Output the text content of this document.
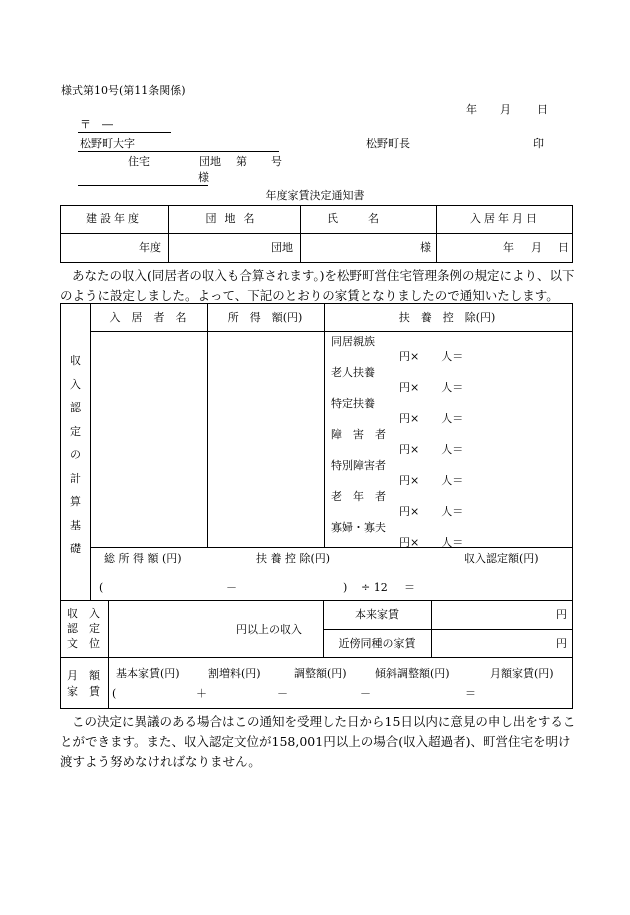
様式第10号(第11条関係)
年 月 日
〒　―
松野町大字
住宅	団地 第 号
様
松野町長	印
年度家賃決定通知書
建設年度	団地名	氏名	入居年月日
年度	団地	様	年 月 日
あなたの収入(同居者の収入も合算されます。)を松野町営住宅管理条例の規定により、以下のように設定しました。よって、下記のとおりの家賃となりましたので通知いたします。
収
入
認
定
の
計
算
基
礎
入　居　者　名	所　得　額(円)	扶　養　控　除(円)
同居親族
円×　　人＝
老人扶養
円×　　人＝
特定扶養
円×　　人＝
障　害　者
円×　　人＝
特別障害者
円×　　人＝
老　年　者
円×　　人＝
寡婦・寡夫
円×　　人＝
総 所 得 額 (円)	扶 養 控 除(円)	収入認定額(円)
(	－	) ÷ 12 ＝
収　入
認　定
文　位
円以上の収入
本来家賃	円
近傍同種の家賃	円
月　額
家　賃
基本家賃(円)	割増料(円)	調整額(円)	傾斜調整額(円)	月額家賃(円)
(	＋	－	－	＝
この決定に異議のある場合はこの通知を受理した日から15日以内に意見の申し出をすることができます。また、収入認定文位が158,001円以上の場合(収入超過者)、町営住宅を明け渡すよう努めなければなりません。
